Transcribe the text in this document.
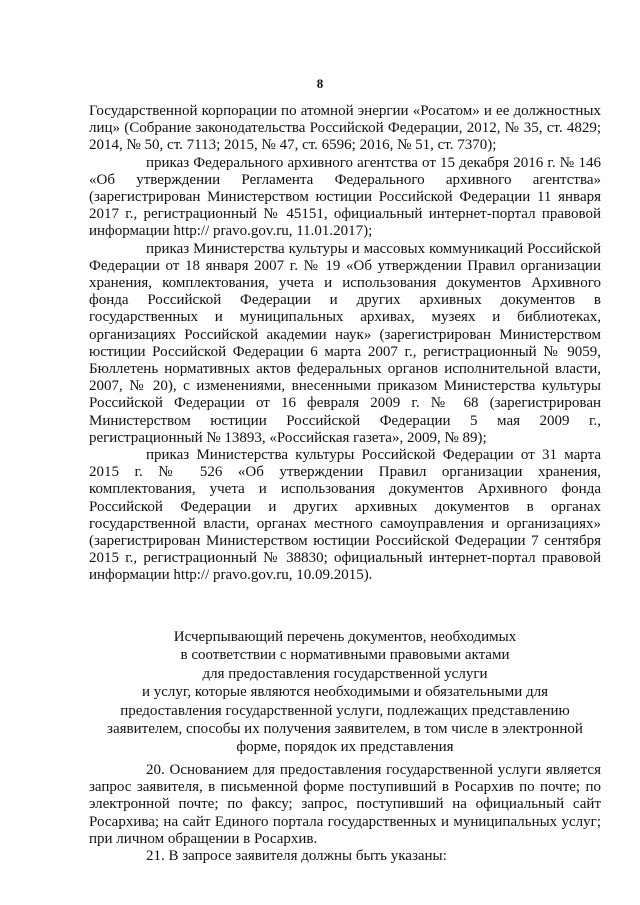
8

Государственной корпорации по атомной энергии «Росатом» и ее должностных лиц» (Собрание законодательства Российской Федерации, 2012, № 35, ст. 4829; 2014, № 50, ст. 7113; 2015, № 47, ст. 6596; 2016, № 51, ст. 7370);

приказ Федерального архивного агентства от 15 декабря 2016 г. № 146 «Об утверждении Регламента Федерального архивного агентства» (зарегистрирован Министерством юстиции Российской Федерации 11 января 2017 г., регистрационный № 45151, официальный интернет-портал правовой информации http:// pravo.gov.ru, 11.01.2017);

приказ Министерства культуры и массовых коммуникаций Российской Федерации от 18 января 2007 г. № 19 «Об утверждении Правил организации хранения, комплектования, учета и использования документов Архивного фонда Российской Федерации и других архивных документов в государственных и муниципальных архивах, музеях и библиотеках, организациях Российской академии наук» (зарегистрирован Министерством юстиции Российской Федерации 6 марта 2007 г., регистрационный № 9059, Бюллетень нормативных актов федеральных органов исполнительной власти, 2007, № 20), с изменениями, внесенными приказом Министерства культуры Российской Федерации от 16 февраля 2009 г. № 68 (зарегистрирован Министерством юстиции Российской Федерации 5 мая 2009 г., регистрационный № 13893, «Российская газета», 2009, № 89);

приказ Министерства культуры Российской Федерации от 31 марта 2015 г. № 526 «Об утверждении Правил организации хранения, комплектования, учета и использования документов Архивного фонда Российской Федерации и других архивных документов в органах государственной власти, органах местного самоуправления и организациях» (зарегистрирован Министерством юстиции Российской Федерации 7 сентября 2015 г., регистрационный № 38830; официальный интернет-портал правовой информации http:// pravo.gov.ru, 10.09.2015).

Исчерпывающий перечень документов, необходимых
в соответствии с нормативными правовыми актами
для предоставления государственной услуги
и услуг, которые являются необходимыми и обязательными для
предоставления государственной услуги, подлежащих представлению
заявителем, способы их получения заявителем, в том числе в электронной
форме, порядок их представления

20. Основанием для предоставления государственной услуги является запрос заявителя, в письменной форме поступивший в Росархив по почте; по электронной почте; по факсу; запрос, поступивший на официальный сайт Росархива; на сайт Единого портала государственных и муниципальных услуг; при личном обращении в Росархив.

21. В запросе заявителя должны быть указаны:
